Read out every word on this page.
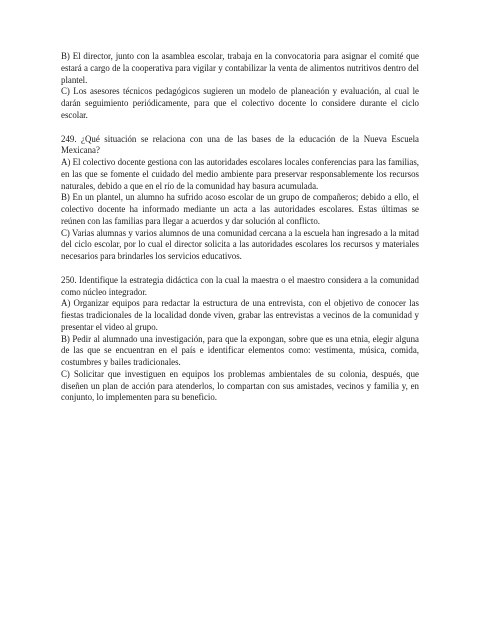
B) El director, junto con la asamblea escolar, trabaja en la convocatoria para asignar el comité que estará a cargo de la cooperativa para vigilar y contabilizar la venta de alimentos nutritivos dentro del plantel.

C) Los asesores técnicos pedagógicos sugieren un modelo de planeación y evaluación, al cual le darán seguimiento periódicamente, para que el colectivo docente lo considere durante el ciclo escolar.

249. ¿Qué situación se relaciona con una de las bases de la educación de la Nueva Escuela Mexicana?

A) El colectivo docente gestiona con las autoridades escolares locales conferencias para las familias, en las que se fomente el cuidado del medio ambiente para preservar responsablemente los recursos naturales, debido a que en el río de la comunidad hay basura acumulada.

B) En un plantel, un alumno ha sufrido acoso escolar de un grupo de compañeros; debido a ello, el colectivo docente ha informado mediante un acta a las autoridades escolares. Estas últimas se reúnen con las familias para llegar a acuerdos y dar solución al conflicto.

C) Varias alumnas y varios alumnos de una comunidad cercana a la escuela han ingresado a la mitad del ciclo escolar, por lo cual el director solicita a las autoridades escolares los recursos y materiales necesarios para brindarles los servicios educativos.

250. Identifique la estrategia didáctica con la cual la maestra o el maestro considera a la comunidad como núcleo integrador.

A) Organizar equipos para redactar la estructura de una entrevista, con el objetivo de conocer las fiestas tradicionales de la localidad donde viven, grabar las entrevistas a vecinos de la comunidad y presentar el video al grupo.

B) Pedir al alumnado una investigación, para que la expongan, sobre que es una etnia, elegir alguna de las que se encuentran en el país e identificar elementos como: vestimenta, música, comida, costumbres y bailes tradicionales.

C) Solicitar que investiguen en equipos los problemas ambientales de su colonia, después, que diseñen un plan de acción para atenderlos, lo compartan con sus amistades, vecinos y familia y, en conjunto, lo implementen para su beneficio.
